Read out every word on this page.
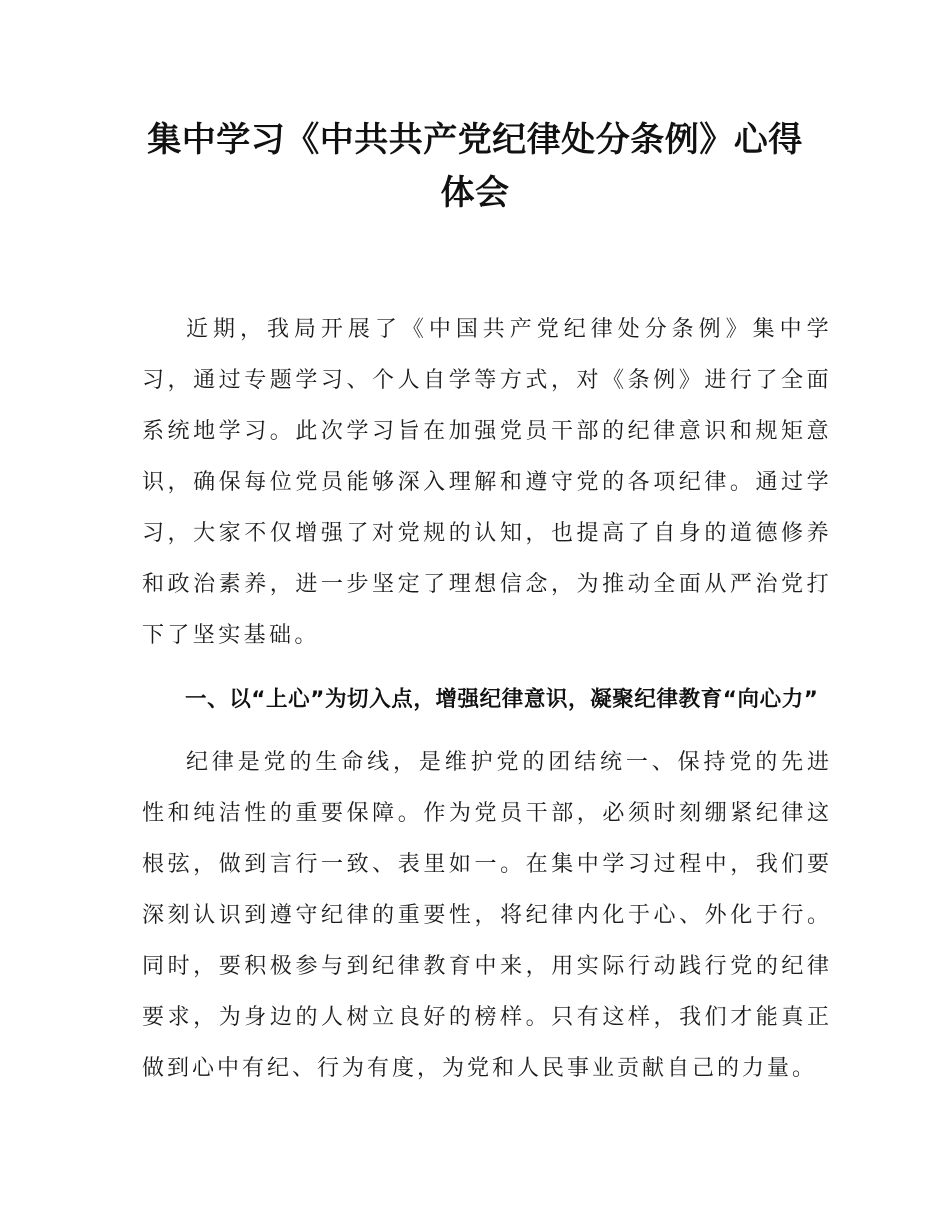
集中学习《中共共产党纪律处分条例》心得
体会

近期，我局开展了《中国共产党纪律处分条例》集中学习，通过专题学习、个人自学等方式，对《条例》进行了全面系统地学习。此次学习旨在加强党员干部的纪律意识和规矩意识，确保每位党员能够深入理解和遵守党的各项纪律。通过学习，大家不仅增强了对党规的认知，也提高了自身的道德修养和政治素养，进一步坚定了理想信念，为推动全面从严治党打下了坚实基础。

一、以“上心”为切入点，增强纪律意识，凝聚纪律教育“向心力”

纪律是党的生命线，是维护党的团结统一、保持党的先进性和纯洁性的重要保障。作为党员干部，必须时刻绷紧纪律这根弦，做到言行一致、表里如一。在集中学习过程中，我们要深刻认识到遵守纪律的重要性，将纪律内化于心、外化于行。同时，要积极参与到纪律教育中来，用实际行动践行党的纪律要求，为身边的人树立良好的榜样。只有这样，我们才能真正做到心中有纪、行为有度，为党和人民事业贡献自己的力量。
